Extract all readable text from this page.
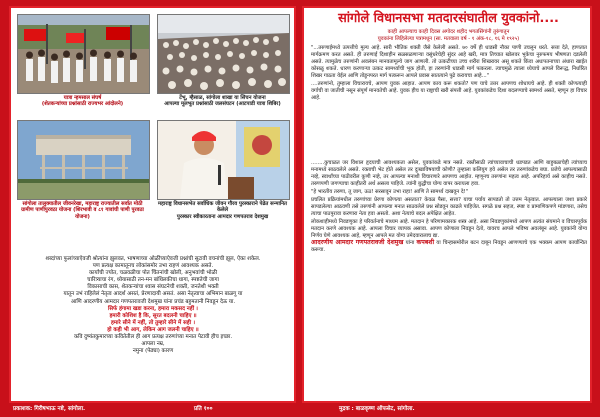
यात्रा न्हमसाल संघर्ष
(शेतकऱ्यांच्या प्रश्नांसाठी राज्यभर आंदोलने)
टेंभू, म्हैसाळ, सांगोला शाखा या सिंचन योजना
आपल्या मूलभूत प्रश्नांसाठी जलसंघटन (आटपाडी यात्रा शिबिर)
सांगोला तालुक्यातील जीवनरेखा, महाराष्ट्र राज्यातील सर्वात मोठी
ग्रामीण पाणीपुरवठा योजना (शिरभावी व ८१ गावांची पाणी पुरवठा योजना)
महाराष्ट्र विधानसभेत सर्वाधिक जीवन गौरव पुरस्काराने पेढेत सन्मानित केलेले
पुरस्कार स्वीकारताना आमदार गणपतराव देशमुख
शब्दांच्या फुलांच्याऐवजी श्रोत्यांना झुलवत, भाषणाच्या ओळींच्याऐवजी प्रश्नांची सुटावी वचनांची झूल, ऐका शकेल.
पण प्रत्यक्ष कामातूनच लोकांसमोर उभा राहणं आवश्यक असते.
कार्यांची ज्योत, चळवळीचा पोत चिंतनांची खोली, अनुभवांची भोळी
चारित्र्याचा रंग, ध्येयासाठी तन-मन बांधिलकीचा धागा, स्पष्टतेची जागा
विकासाची कास, शेतकऱ्यांचा श्वास संघटनेची शक्ती, जनतेशी भक्ती
यातून उभं राहिलेलं नेतृत्व आदर्श असतं, प्रेरणादायी असतं. असा नेतृत्वाचा अभिमान बाळगू या
आणि आदरणीय आमदार गणपतरावजी देशमुख यांना प्रचंड बहुमतानी निवडून देऊ या.
सिर्फ हंगामा खडा करना, हमारा मकसद नहीं ।
हमारी कोशिश है कि, सूरत बदलनी चाहिए ॥
हमारे सीने में नहीं, तो तुम्हारे सीने में सही ।
हो कही भी आग, लेकिन आग जलनी चाहिए ॥
कवि दुष्यंतकुमारच्या कवितेतील ही आग प्रत्यक्ष तरुणांच्या मनात पेटावी हीच इच्छा.
आपला नम्र,
नमुना (पेठ्या) कारण
सांगोले विधानसभा मतदारसंघातील युवकांनो....
काही आपल्याच काही दिवस अगोदर शहीद भगतसिंगांनी तुरुंगातून
युवकांना लिहिलेल्या पत्रामधून (सा. मतवाला वर्ष - १ अंक-१८, १६ मे १९२५)

"...तरुणाईमध्ये उत्पत्तीचे मूल्य आहे. सारी भौतिक शक्ती जैसे केलेली असते. ७० वर्षे ही धाडसी नौका पाणी उचलून धरते. सत्ता देते, हाणतात मार्गक्रमण करत असते. ही तरुणाई दिशाहीन सळसळणाऱ्या वसुंधरेचेही सुंदर आहे खरी, मात्र तिच्यात खोलवर भुकेचा नुरुफमय भीषणता दडलेली असते. त्यामुळेच तरुणांनी अवलंबन मानवतामूल्ये जाग आणली. तो उत्कटीच्या उच्च शरीरा शिखरावर असू शकते किंवा अधःपतनाच्या अंधारा खाईत कोसळू शकते. धारण करणाऱ्या उत्कट सामर्थ्याची भूक होती, हा तरुणांनी धाडसी मार्ग पत्करला. त्याचमुळे त्याला ध्येयाचे आपले विरूद्ध, निर्धारित शिखर गाठता येईल आणि तोडूनपरत मार्ग पत्करून आपले प्रवास सातत्याने पुढे करायचा आहे..."

....तरुणांनो, तुम्हाला विचारायचे, आपण युवक आहात. आपण काय करू शकतो? पण याचे उत्तर आपणच शोधायचे आहे. ही शक्ती कोणत्याही वर्गाची वा जातीची नसून संपूर्ण मानवतेची आहे. युवक हीच या राष्ट्राची खरी संपत्ती आहे. युवकांकडेच दिशा बदलण्याचे सामर्थ्य असते, म्हणून हा विचार आहे.

........कुचाळत जर विशाल हृदयाची आवश्यकता असेल, युवकांकडे मात्र नसते. रक्तीसाठी त्यांच्यावाचाची धडपडत आणि बाहुबळाचेही त्यांच्याच मनामध्ये साठवलेले असते. रक्ताची भेट होते असेल तर दुःखाविषयाची कोणी? तुम्हाला कलियुग हवे असेल तर तरुणांकडेच बघा. प्रजेचे आपल्यासाठी नव्हे, स्वार्थांच्या पाठीवरील कुणी नव्हे, तर आपल्या मनाशी विचारणारे आपणच आहोत. म्हणूनच तरुणांना महत्व आहे. अपरिहार्य असे काहीच नसते. तरुणपणी जगण्याचा काहीतरी अर्थ असला पाहिजे. त्यांनी बुद्धीचा योग्य वापर करायला हवा.

"हे भारतीय तरुणा, तू जाग, ऊठ! सरसावून उभा राहा! आणि ते सामर्थ्य दाखवून दे!"

प्रचलित प्रक्रियांमधील तरुणांच्या प्रेरणा कोणत्या असतात? केवळ पैसा, सत्ता? याचा पर्याय सापडतो तो उत्तम नेतृत्वात. आपल्याला जशा प्रकारे सापडलेल्या आठवणी तसे तरुणांनी आपल्या मनात साठवलेले प्रश्न सोडवून काढले पाहिजेत. सगळे प्रश्न सहज, स्पष्ट व प्रामाणिकपणे मांडणारा, तसेच त्याचा पाठपुरावा करणारा नेता हवा असतो. अशा नेत्याचे बदल अपेक्षित आहेत.

लोकशाहीमध्ये निवडणुका हे परिवर्तनाचे माध्यम आहे. मतदान हे परिणामकारक शस्त्र आहे. असा निवडणुकांमध्ये आपण अत्यंत संयमाने व विचारपूर्वक मतदान करणे आवश्यक आहे. आपला विचार व्यापक असावा. आपण कोणाला निवडून देतो, यावरच आपले भविष्य अवलंबून आहे. युवकांनी योग्य निर्णय घेणे आवश्यक आहे, म्हणून आपले मत योग्य उमेदवारालाच द्या.

आदरणीय आमदार गणपतरावजी देशमुख यांना कपबशी या चिन्हासमोरील बटन दाबून निवडून आणण्याचे एक भक्कम आपण कार्यान्वित करूया.

प्रकाशक: गिरीषभाऊ नष्टे, सांगोला.	प्रति १००	मुद्रक : बाळकृष्ण ऑफसेट, सांगोला.
